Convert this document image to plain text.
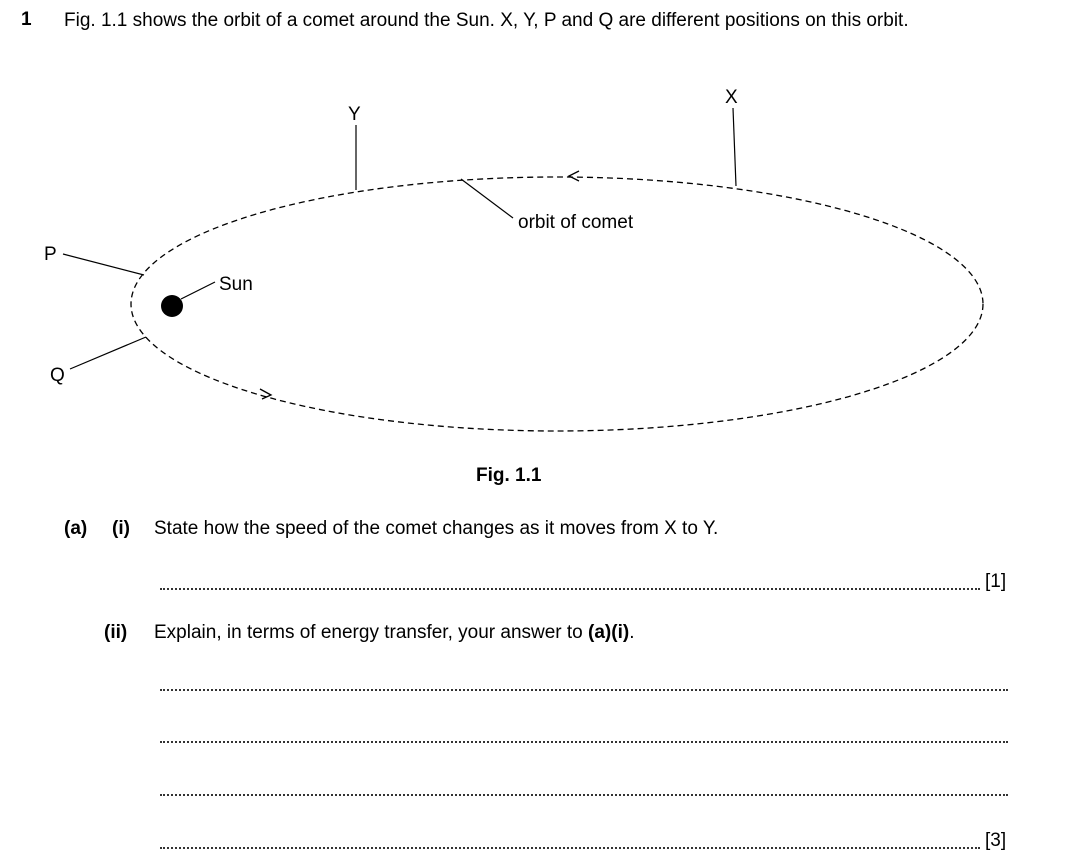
1 Fig. 1.1 shows the orbit of a comet around the Sun. X, Y, P and Q are different positions on this orbit.
Sun
orbit of comet
X
Y
P
Q
Fig. 1.1
(a) (i) State how the speed of the comet changes as it moves from X to Y.
[1]
(ii) Explain, in terms of energy transfer, your answer to (a)(i).
[3]
